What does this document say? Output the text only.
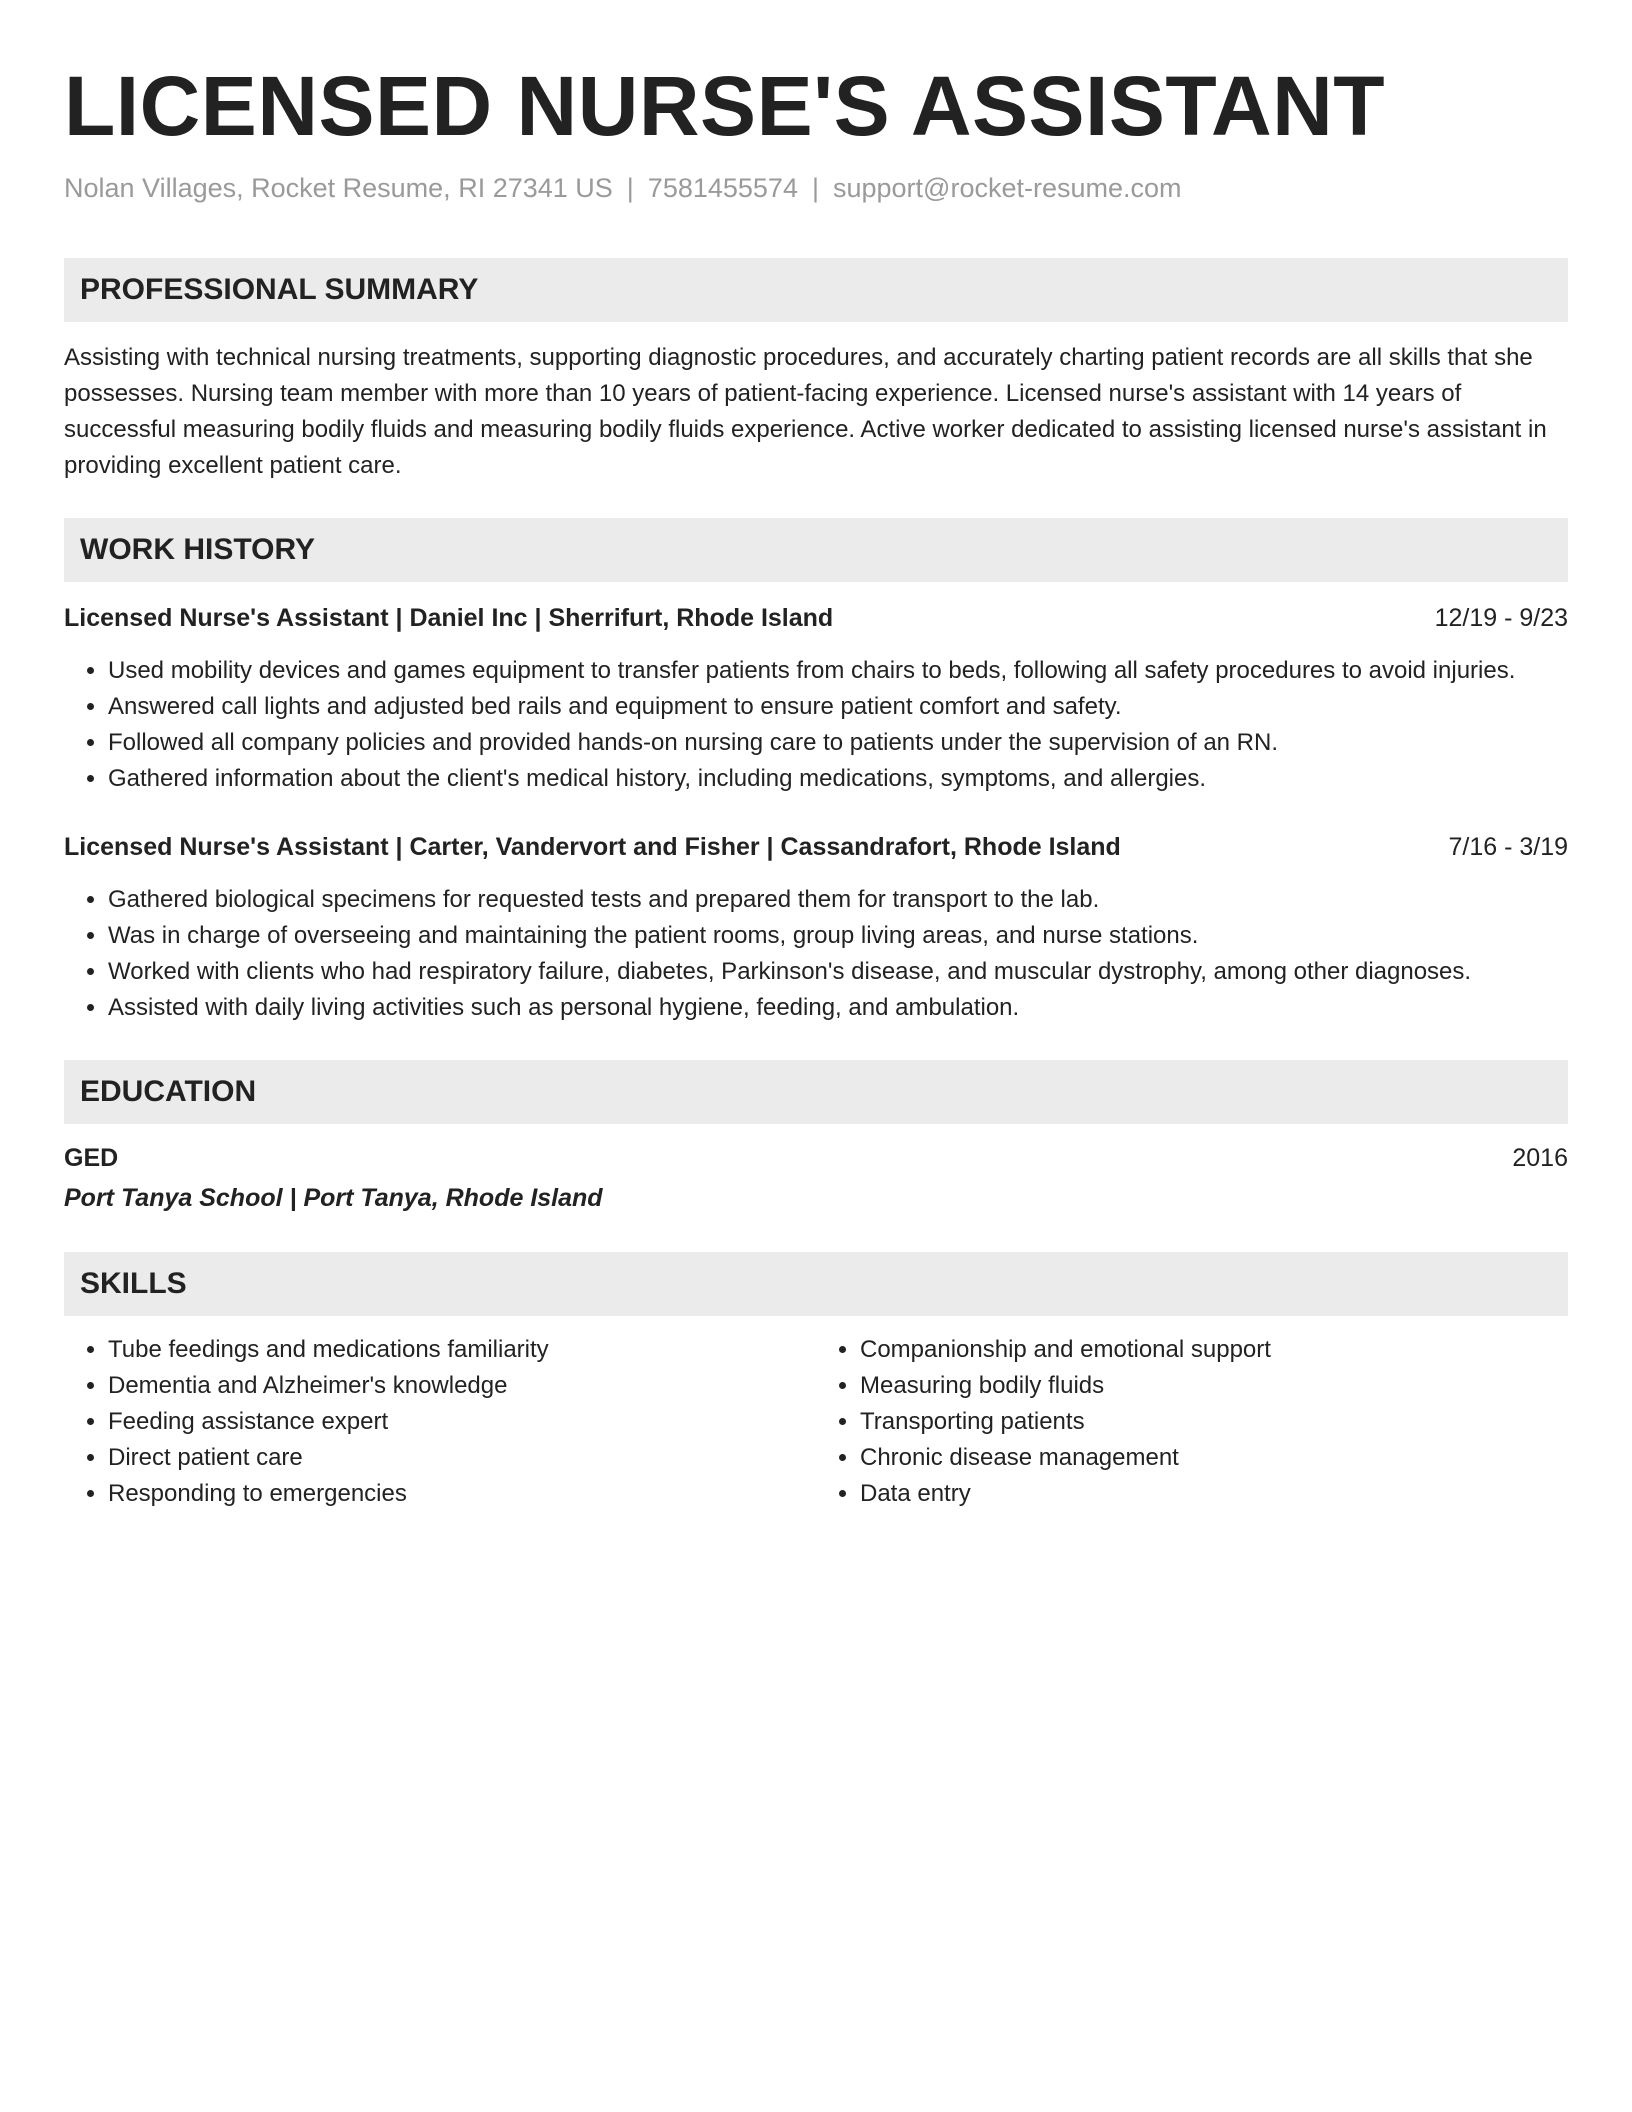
LICENSED NURSE'S ASSISTANT
Nolan Villages, Rocket Resume, RI 27341 US | 7581455574 | support@rocket-resume.com
PROFESSIONAL SUMMARY

Assisting with technical nursing treatments, supporting diagnostic procedures, and accurately charting patient records are all skills that she possesses. Nursing team member with more than 10 years of patient-facing experience. Licensed nurse's assistant with 14 years of successful measuring bodily fluids and measuring bodily fluids experience. Active worker dedicated to assisting licensed nurse's assistant in providing excellent patient care.

WORK HISTORY
Licensed Nurse's Assistant | Daniel Inc | Sherrifurt, Rhode Island	12/19 - 9/23
• Used mobility devices and games equipment to transfer patients from chairs to beds, following all safety procedures to avoid injuries.
• Answered call lights and adjusted bed rails and equipment to ensure patient comfort and safety.
• Followed all company policies and provided hands-on nursing care to patients under the supervision of an RN.
• Gathered information about the client's medical history, including medications, symptoms, and allergies.
Licensed Nurse's Assistant | Carter, Vandervort and Fisher | Cassandrafort, Rhode Island	7/16 - 3/19
• Gathered biological specimens for requested tests and prepared them for transport to the lab.
• Was in charge of overseeing and maintaining the patient rooms, group living areas, and nurse stations.
• Worked with clients who had respiratory failure, diabetes, Parkinson's disease, and muscular dystrophy, among other diagnoses.
• Assisted with daily living activities such as personal hygiene, feeding, and ambulation.
EDUCATION
GED	2016
Port Tanya School | Port Tanya, Rhode Island
SKILLS
• Tube feedings and medications familiarity
• Dementia and Alzheimer's knowledge
• Feeding assistance expert
• Direct patient care
• Responding to emergencies
• Companionship and emotional support
• Measuring bodily fluids
• Transporting patients
• Chronic disease management
• Data entry
